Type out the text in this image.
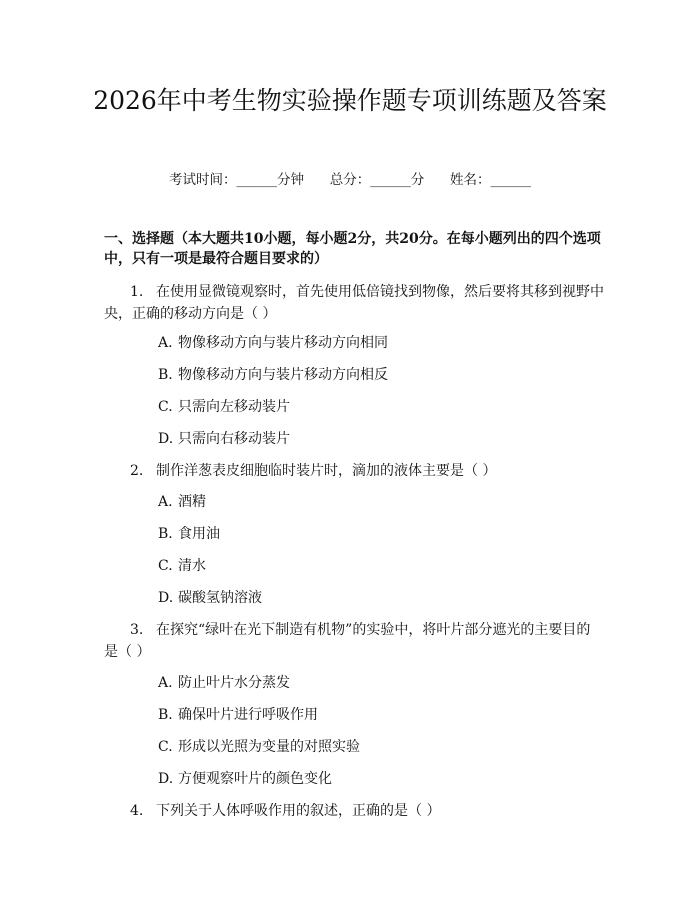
2026年中考生物实验操作题专项训练题及答案
考试时间：______分钟 总分：______分 姓名：______
一、选择题（本大题共10小题，每小题2分，共20分。在每小题列出的四个选项中，只有一项是最符合题目要求的）
1. 在使用显微镜观察时，首先使用低倍镜找到物像，然后要将其移到视野中央，正确的移动方向是（ ）
A. 物像移动方向与装片移动方向相同
B. 物像移动方向与装片移动方向相反
C. 只需向左移动装片
D. 只需向右移动装片
2. 制作洋葱表皮细胞临时装片时，滴加的液体主要是（ ）
A. 酒精
B. 食用油
C. 清水
D. 碳酸氢钠溶液
3. 在探究“绿叶在光下制造有机物”的实验中，将叶片部分遮光的主要目的是（ ）
A. 防止叶片水分蒸发
B. 确保叶片进行呼吸作用
C. 形成以光照为变量的对照实验
D. 方便观察叶片的颜色变化
4. 下列关于人体呼吸作用的叙述，正确的是（ ）
